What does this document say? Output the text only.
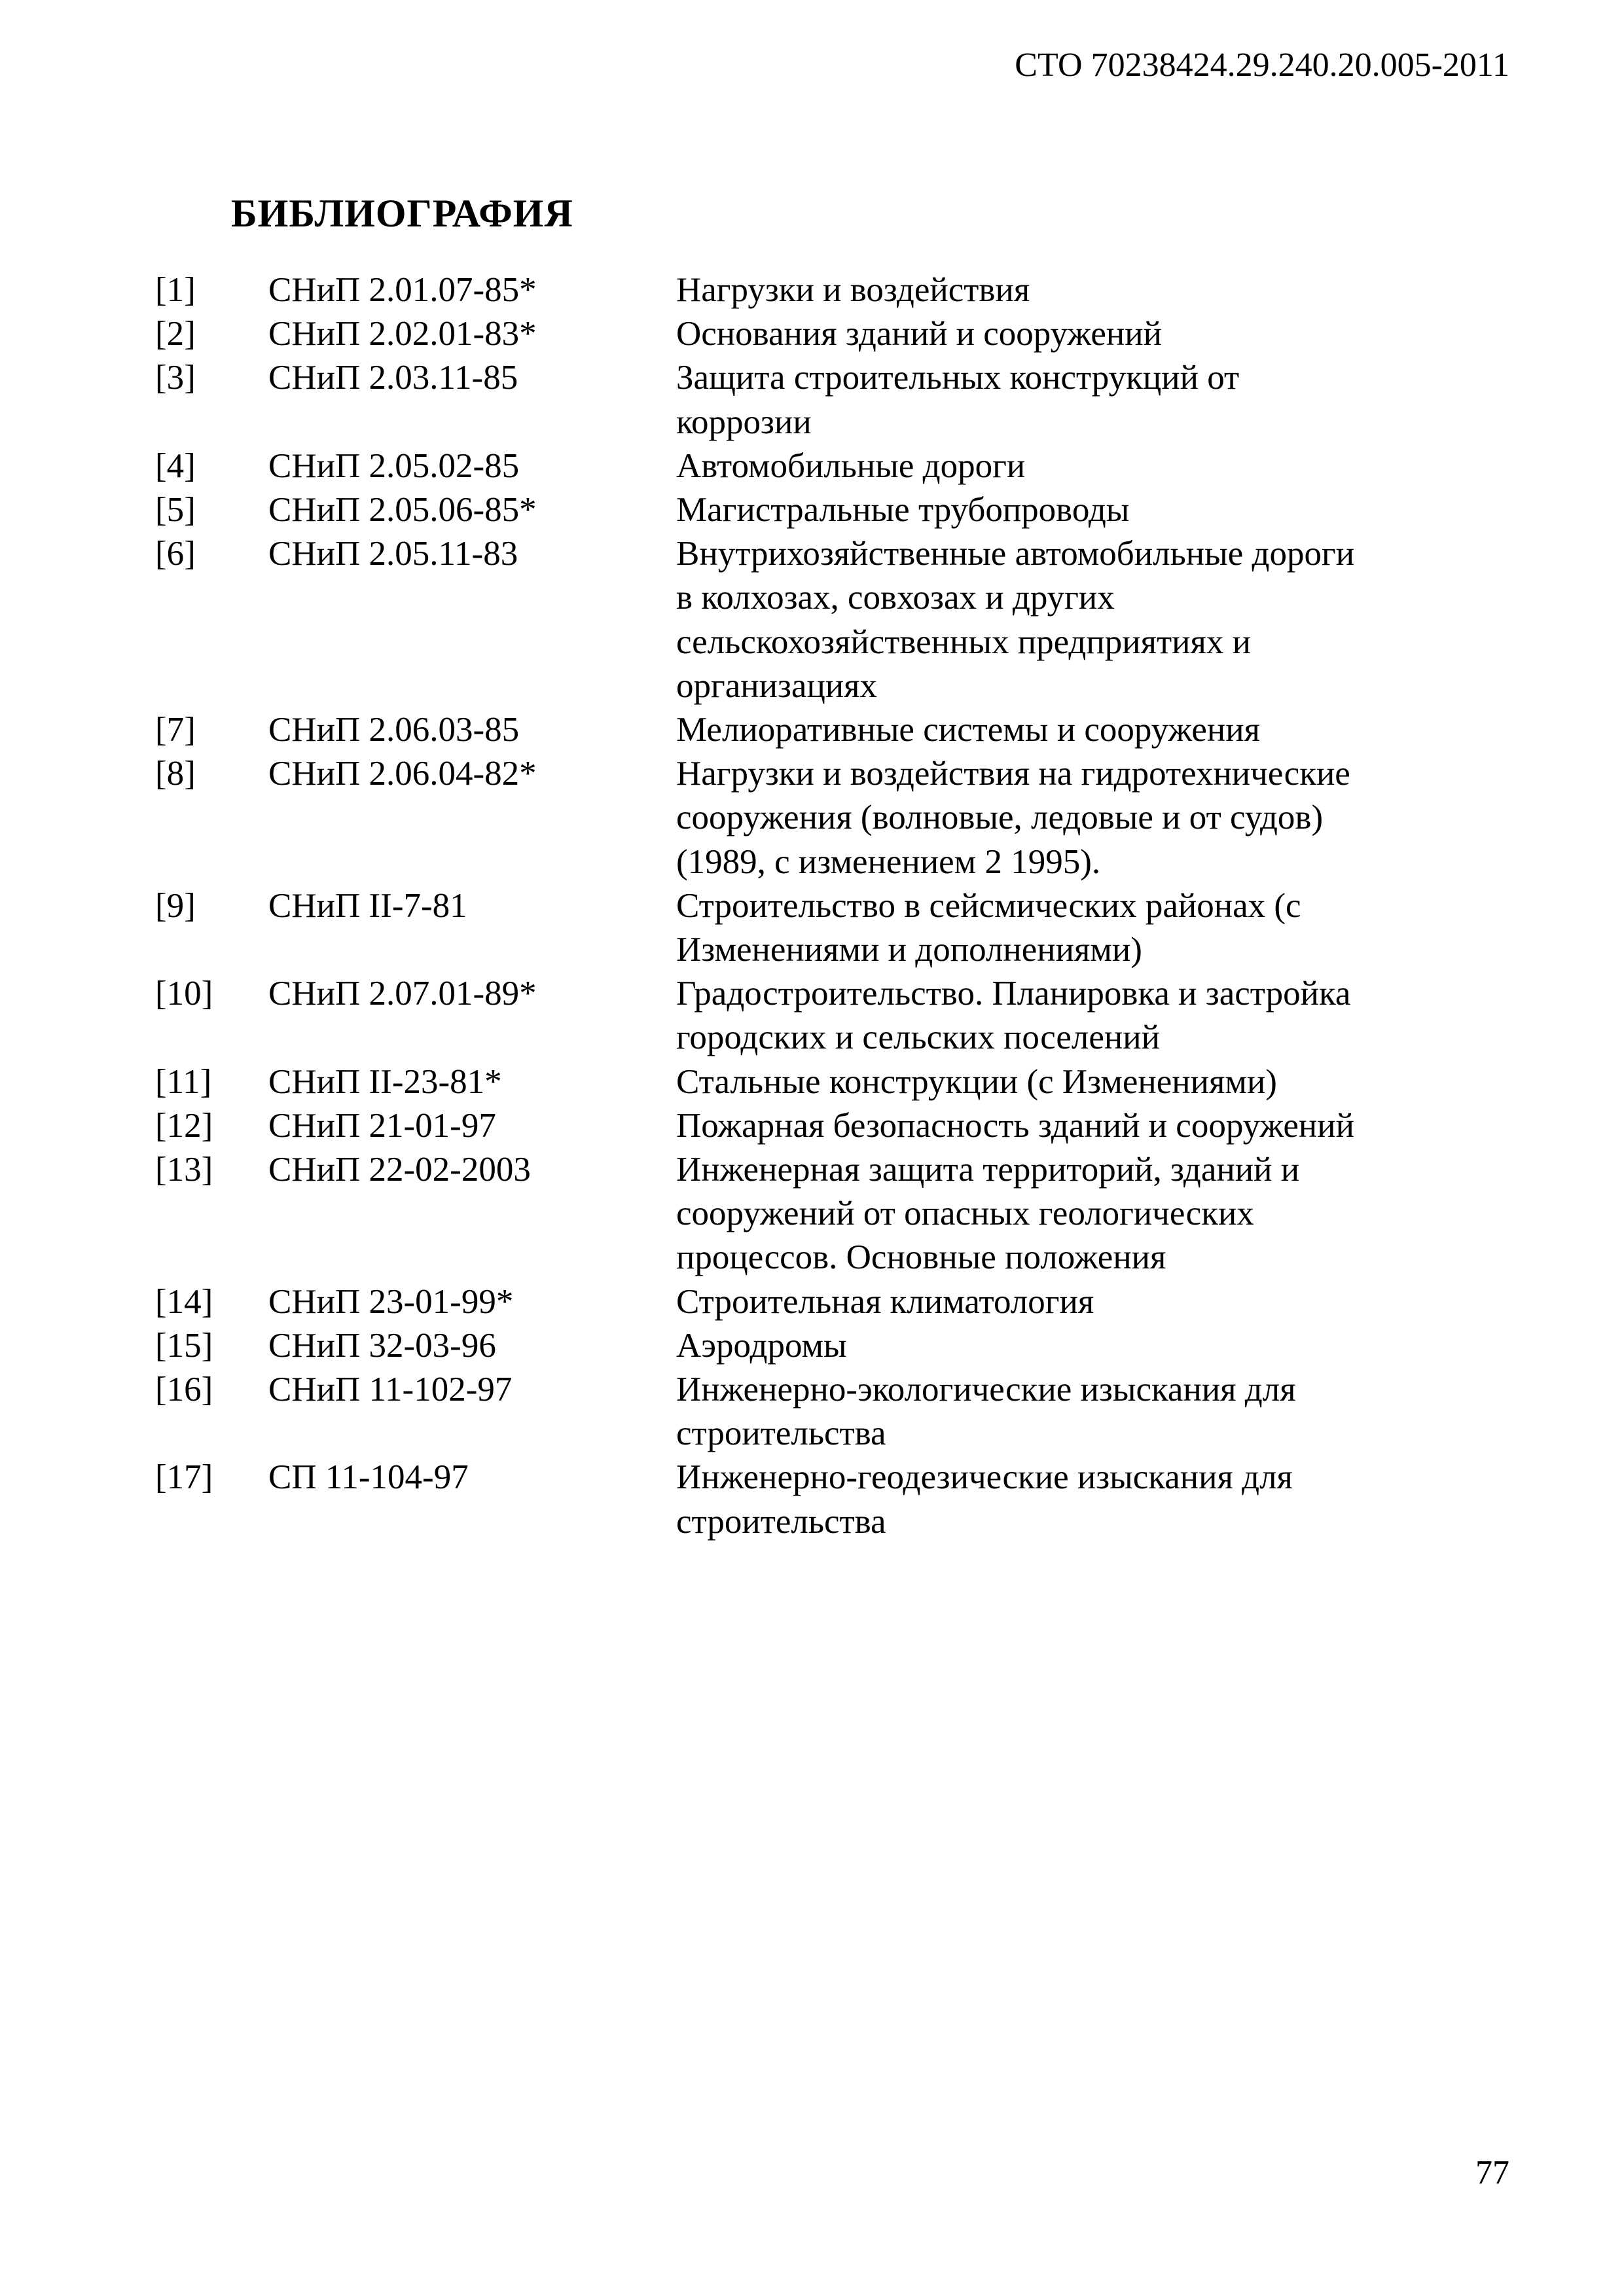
СТО 70238424.29.240.20.005-2011
БИБЛИОГРАФИЯ
[1]	СНиП 2.01.07-85*	Нагрузки и воздействия
[2]	СНиП 2.02.01-83*	Основания зданий и сооружений
[3]	СНиП 2.03.11-85	Защита строительных конструкций от
коррозии
[4]	СНиП 2.05.02-85	Автомобильные дороги
[5]	СНиП 2.05.06-85*	Магистральные трубопроводы
[6]	СНиП 2.05.11-83	Внутрихозяйственные автомобильные дороги
в колхозах, совхозах и других
сельскохозяйственных предприятиях и
организациях
[7]	СНиП 2.06.03-85	Мелиоративные системы и сооружения
[8]	СНиП 2.06.04-82*	Нагрузки и воздействия на гидротехнические
сооружения (волновые, ледовые и от судов)
(1989, с изменением 2 1995).
[9]	СНиП II-7-81	Строительство в сейсмических районах (с
Изменениями и дополнениями)
[10]	СНиП 2.07.01-89*	Градостроительство. Планировка и застройка
городских и сельских поселений
[11]	СНиП II-23-81*	Стальные конструкции (с Изменениями)
[12]	СНиП 21-01-97	Пожарная безопасность зданий и сооружений
[13]	СНиП 22-02-2003	Инженерная защита территорий, зданий и
сооружений от опасных геологических
процессов. Основные положения
[14]	СНиП 23-01-99*	Строительная климатология
[15]	СНиП 32-03-96	Аэродромы
[16]	СНиП 11-102-97	Инженерно-экологические изыскания для
строительства
[17]	СП 11-104-97	Инженерно-геодезические изыскания для
строительства
77
